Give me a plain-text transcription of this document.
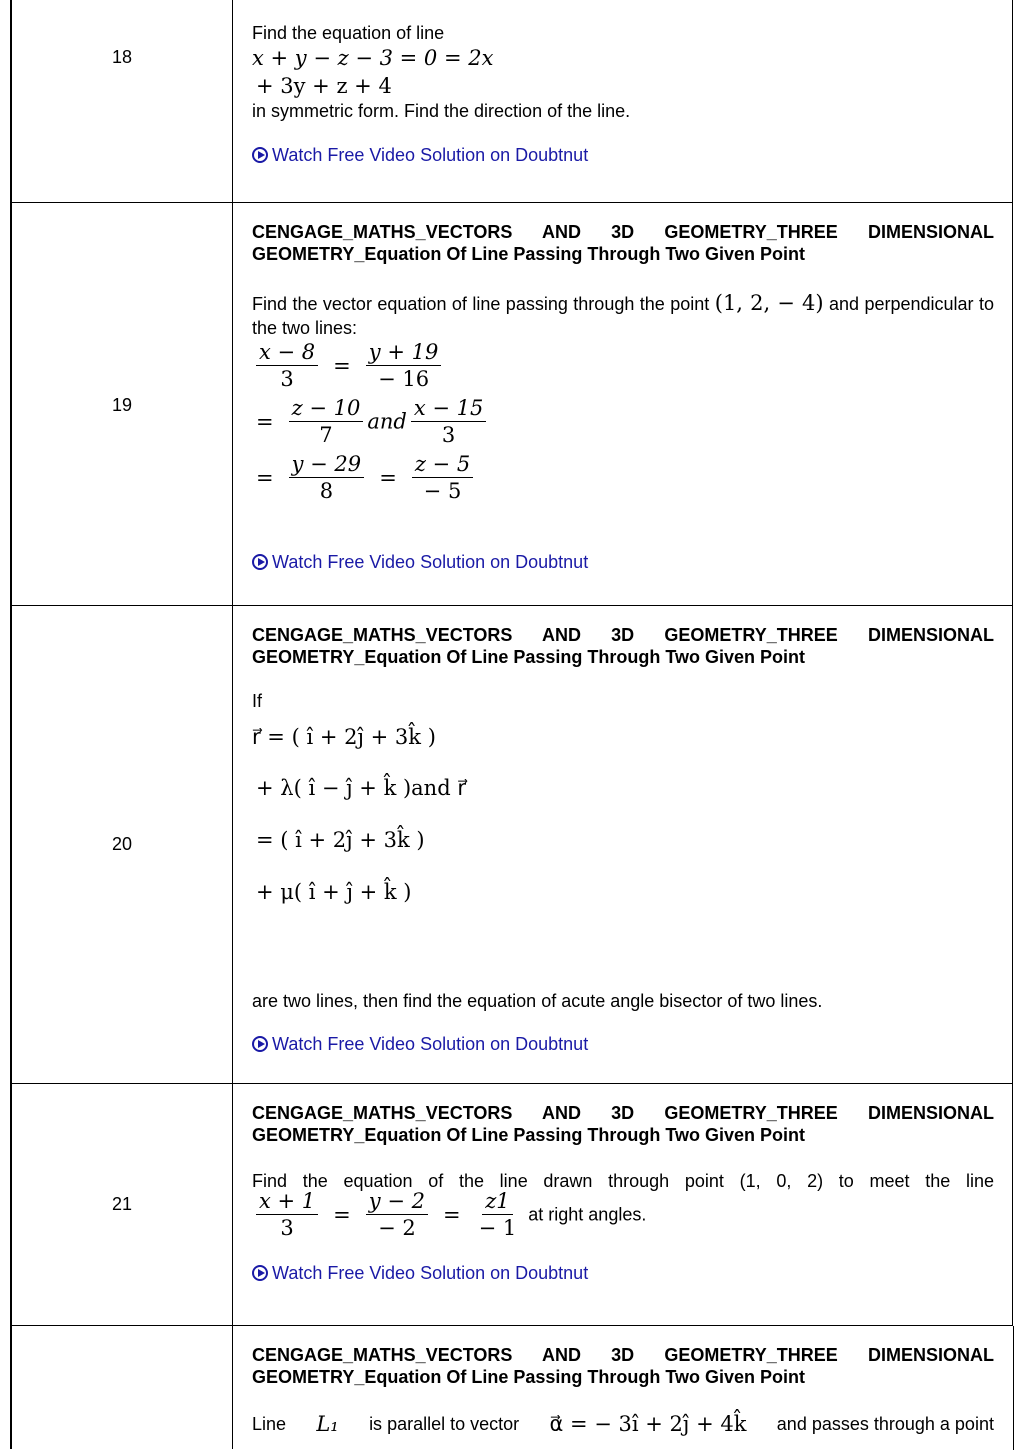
18
Find the equation of line
x + y − z − 3 = 0 = 2x
+ 3y + z + 4
in symmetric form. Find the direction of the line.
Watch Free Video Solution on Doubtnut
19
CENGAGE_MATHS_VECTORS AND 3D GEOMETRY_THREE DIMENSIONAL GEOMETRY_Equation Of Line Passing Through Two Given Point
Find the vector equation of line passing through the point (1, 2, − 4) and perpendicular to the two lines:
$\frac{x - 8}{3} = \frac{y + 19}{- 16}$
= $\frac{z - 10}{7}$ and $\frac{x - 15}{3}$
= $\frac{y - 29}{8} = \frac{z - 5}{- 5}$
Watch Free Video Solution on Doubtnut
20
CENGAGE_MATHS_VECTORS AND 3D GEOMETRY_THREE DIMENSIONAL GEOMETRY_Equation Of Line Passing Through Two Given Point
If
r⃗ = ( î + 2ĵ + 3k̂ )
+ λ( î − ĵ + k̂ )and r⃗
= ( î + 2ĵ + 3k̂ )
+ μ( î + ĵ + k̂ )
are two lines, then find the equation of acute angle bisector of two lines.
Watch Free Video Solution on Doubtnut
21
CENGAGE_MATHS_VECTORS AND 3D GEOMETRY_THREE DIMENSIONAL GEOMETRY_Equation Of Line Passing Through Two Given Point
Find the equation of the line drawn through point (1, 0, 2) to meet the line
$\frac{x + 1}{3} = \frac{y - 2}{- 2} = \frac{z1}{- 1}$ at right angles.
Watch Free Video Solution on Doubtnut
CENGAGE_MATHS_VECTORS AND 3D GEOMETRY_THREE DIMENSIONAL GEOMETRY_Equation Of Line Passing Through Two Given Point
Line L₁ is parallel to vector α⃗ = − 3î + 2ĵ + 4k̂ and passes through a point
